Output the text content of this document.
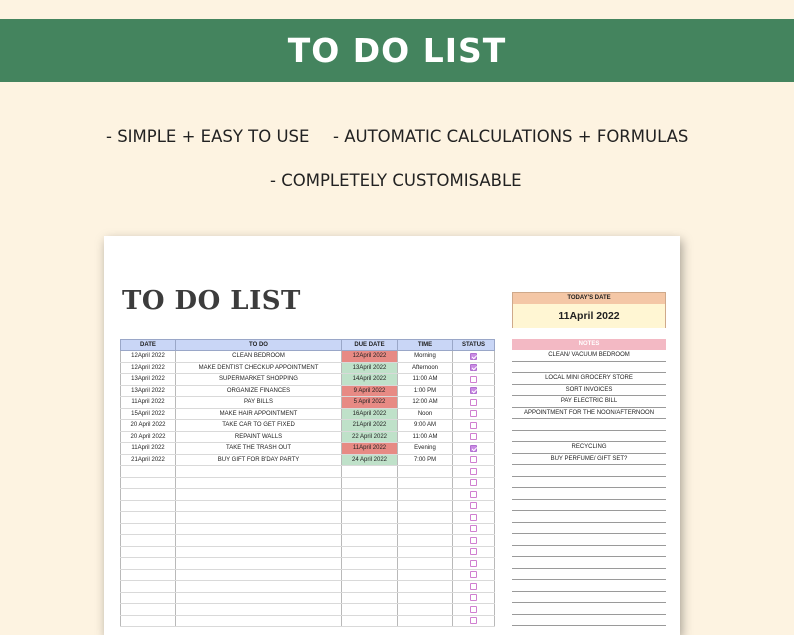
TO DO LIST
- SIMPLE + EASY TO USE - AUTOMATIC CALCULATIONS + FORMULAS
- COMPLETELY CUSTOMISABLE
TO DO LIST
DATE	TO DO	DUE DATE	TIME	STATUS
12April 2022	CLEAN BEDROOM	12April 2022	Morning	
12April 2022	MAKE DENTIST CHECKUP APPOINTMENT	13April 2022	Afternoon	
13April 2022	SUPERMARKET SHOPPING	14April 2022	11:00 AM	
13April 2022	ORGANIZE FINANCES	9 April 2022	1:00 PM	
11April 2022	PAY BILLS	5 April 2022	12:00 AM	
15April 2022	MAKE HAIR APPOINTMENT	16April 2022	Noon	
20 April 2022	TAKE CAR TO GET FIXED	21April 2022	9:00 AM	
20 April 2022	REPAINT WALLS	22 April 2022	11:00 AM	
11April 2022	TAKE THE TRASH OUT	11April 2022	Evening	
21April 2022	BUY GIFT FOR B'DAY PARTY	24 April 2022	7:00 PM	

TODAY'S DATE
11April 2022
NOTES
CLEAN/ VACUUM BEDROOM
LOCAL MINI GROCERY STORE
SORT INVOICES
PAY ELECTRIC BILL
APPOINTMENT FOR THE NOON/AFTERNOON
RECYCLING
BUY PERFUME/ GIFT SET?
